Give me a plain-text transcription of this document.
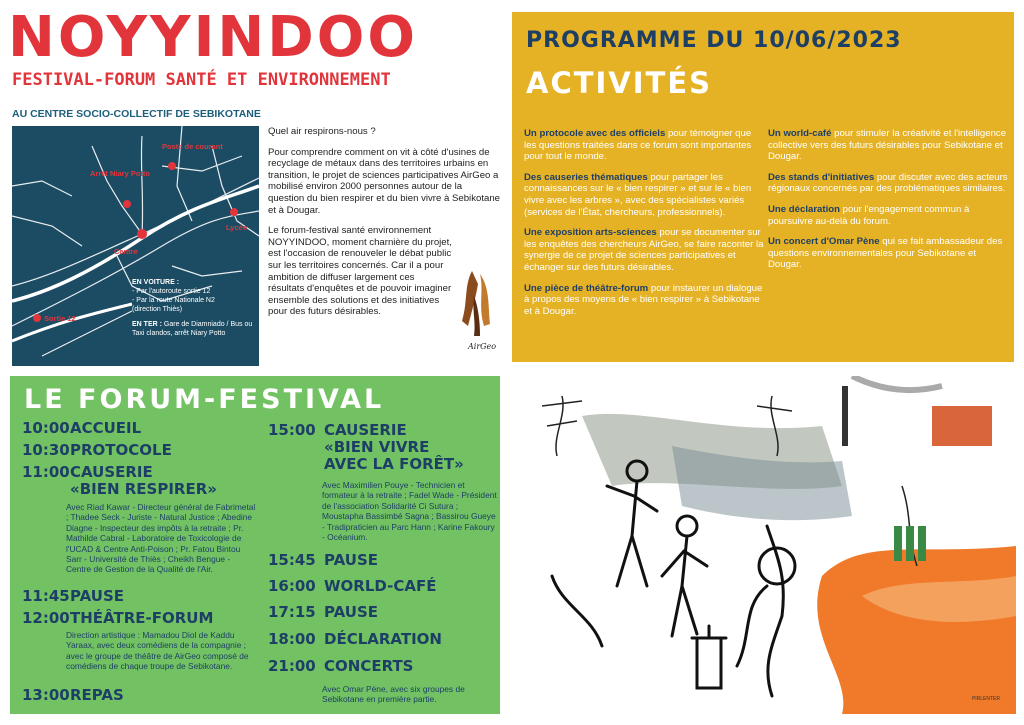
NOYYINDOO
FESTIVAL-FORUM SANTÉ ET ENVIRONNEMENT
AU CENTRE SOCIO-COLLECTIF DE SEBIKOTANE
Poste de courant
Arrêt Niary Potto
Centre
Lycée
Sortie 12
EN VOITURE :
- Par l'autoroute sortie 12
- Par la route Nationale N2
(direction Thiès)
EN TER : Gare de Diamniado / Bus ou Taxi clandos, arrêt Niary Potto

Quel air respirons-nous ?

Pour comprendre comment on vit à côté d'usines de recyclage de métaux dans des territoires urbains en transition, le projet de sciences participatives AirGeo a mobilisé environ 2000 personnes autour de la question du bien respirer et du bien vivre à Sebikotane et à Dougar.

Le forum-festival santé environnement NOYYINDOO, moment charnière du projet, est l'occasion de renouveler le débat public sur les territoires concernés. Car il a pour ambition de diffuser largement ces résultats d'enquêtes et de pouvoir imaginer ensemble des solutions et des initiatives pour des futurs désirables.

AirGeo
PROGRAMME DU 10/06/2023
ACTIVITÉS

Un protocole avec des officiels pour témoigner que les questions traitées dans ce forum sont importantes pour tout le monde.

Des causeries thématiques pour partager les connaissances sur le « bien respirer » et sur le « bien vivre avec les arbres », avec des spécialistes variés (services de l'État, chercheurs, professionnels).

Une exposition arts-sciences pour se documenter sur les enquêtes des chercheurs AirGeo, se faire raconter la synergie de ce projet de sciences participatives et échanger sur des futurs désirables.

Une pièce de théâtre-forum pour instaurer un dialogue à propos des moyens de « bien respirer » à Sebikotane et à Dougar.

Un world-café pour stimuler la créativité et l'intelligence collective vers des futurs désirables pour Sebikotane et Dougar.

Des stands d'initiatives pour discuter avec des acteurs régionaux concernés par des problématiques similaires.

Une déclaration pour l'engagement commun à poursuivre au-delà du forum.

Un concert d'Omar Pène qui se fait ambassadeur des questions environnementales pour Sebikotane et Dougar.

LE FORUM-FESTIVAL
10:00ACCUEIL
10:30PROTOCOLE
11:00CAUSERIE
«BIEN RESPIRER»
Avec Riad Kawar - Directeur général de Fabrimetal ; Thadee Seck - Juriste - Natural Justice ; Abedine Diagne - Inspecteur des impôts à la retraite ; Pr. Mathilde Cabral - Laboratoire de Toxicologie de l'UCAD & Centre Anti-Poison ; Pr. Fatou Bintou Sarr - Université de Thiès ; Cheikh Bengue - Centre de Gestion de la Qualité de l'Air.
11:45PAUSE
12:00THÉÂTRE-FORUM
Direction artistique : Mamadou Diol de Kaddu Yaraax, avec deux comédiens de la compagnie ; avec le groupe de théâtre de AirGeo composé de comédiens de chaque troupe de Sebikotane.
13:00REPAS
15:00 CAUSERIE
«BIEN VIVRE
AVEC LA FORÊT»
Avec Maximilien Pouye - Technicien et formateur à la retraite ; Fadel Wade - Président de l'association Solidarité Ci Sutura ; Moustapha Bassimbé Sagna ; Bassirou Gueye - Tradipraticien au Parc Hann ; Karine Fakoury - Océanium.
15:45 PAUSE
16:00 WORLD-CAFÉ
17:15 PAUSE
18:00 DÉCLARATION
21:00 CONCERTS
Avec Omar Pène, avec six groupes de Sebikotane en première partie.	PIRLENTER
